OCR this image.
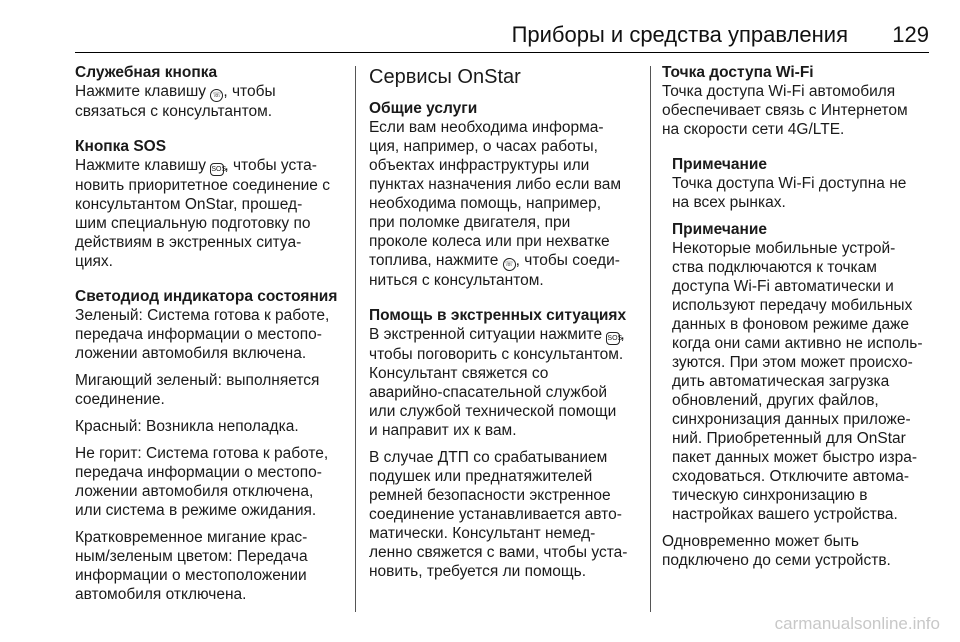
Приборы и средства управления 129
Служебная кнопка
Нажмите клавишу ☏ , чтобы
связаться с консультантом.
Кнопка SOS
Нажмите клавишу SOS, чтобы уста-
новить приоритетное соединение с
консультантом OnStar, прошед-
шим специальную подготовку по
действиям в экстренных ситуа-
циях.
Светодиод индикатора состояния
Зеленый: Система готова к работе,
передача информации о местопо-
ложении автомобиля включена.
Мигающий зеленый: выполняется
соединение.
Красный: Возникла неполадка.
Не горит: Система готова к работе,
передача информации о местопо-
ложении автомобиля отключена,
или система в режиме ожидания.
Кратковременное мигание крас-
ным/зеленым цветом: Передача
информации о местоположении
автомобиля отключена.
Сервисы OnStar
Общие услуги
Если вам необходима информа-
ция, например, о часах работы,
объектах инфраструктуры или
пунктах назначения либо если вам
необходима помощь, например,
при поломке двигателя, при
проколе колеса или при нехватке
топлива, нажмите ☏ , чтобы соеди-
ниться с консультантом.
Помощь в экстренных ситуациях
В экстренной ситуации нажмите SOS,
чтобы поговорить с консультантом.
Консультант свяжется со
аварийно-спасательной службой
или службой технической помощи
и направит их к вам.
В случае ДТП со срабатыванием
подушек или преднатяжителей
ремней безопасности экстренное
соединение устанавливается авто-
матически. Консультант немед-
ленно свяжется с вами, чтобы уста-
новить, требуется ли помощь.
Точка доступа Wi-Fi
Точка доступа Wi-Fi автомобиля
обеспечивает связь с Интернетом
на скорости сети 4G/LTE.
Примечание
Точка доступа Wi-Fi доступна не
на всех рынках.
Примечание
Некоторые мобильные устрой-
ства подключаются к точкам
доступа Wi-Fi автоматически и
используют передачу мобильных
данных в фоновом режиме даже
когда они сами активно не исполь-
зуются. При этом может происхо-
дить автоматическая загрузка
обновлений, других файлов,
синхронизация данных приложе-
ний. Приобретенный для OnStar
пакет данных может быстро изра-
сходоваться. Отключите автома-
тическую синхронизацию в
настройках вашего устройства.
Одновременно может быть
подключено до семи устройств.
carmanualsonline.info
